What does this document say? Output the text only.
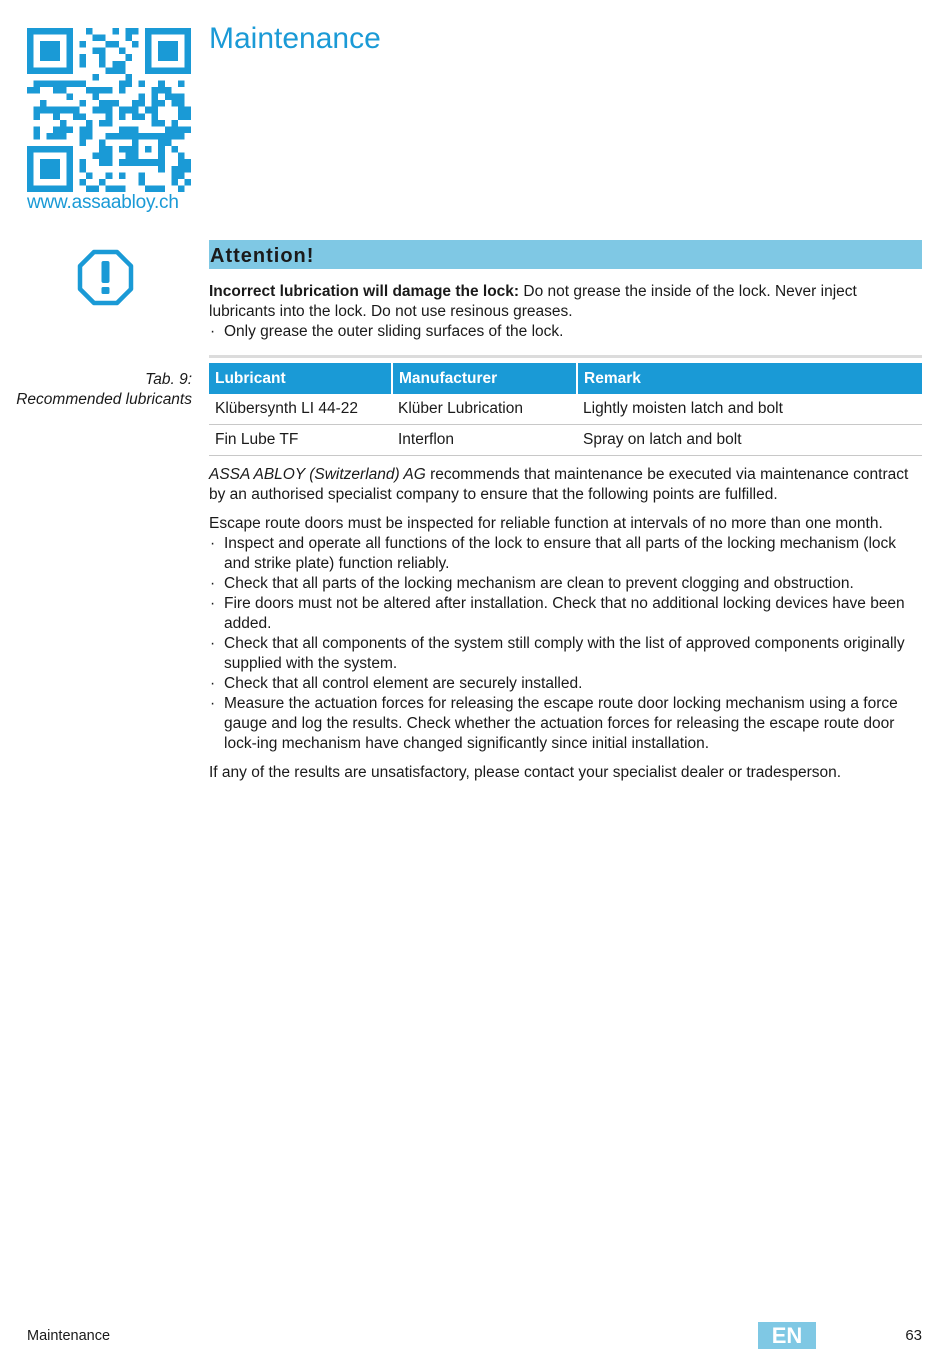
www.assaabloy.ch
Maintenance
Attention!

Incorrect lubrication will damage the lock: Do not grease the inside of the lock. Never inject lubricants into the lock. Do not use resinous greases.

· Only grease the outer sliding surfaces of the lock.
Tab. 9:
Recommended lubricants
Lubricant	Manufacturer	Remark
Klübersynth LI 44-22	Klüber Lubrication	Lightly moisten latch and bolt
Fin Lube TF	Interflon	Spray on latch and bolt

ASSA ABLOY (Switzerland) AG recommends that maintenance be executed via maintenance contract by an authorised specialist company to ensure that the following points are fulfilled.

Escape route doors must be inspected for reliable function at intervals of no more than one month.

· Inspect and operate all functions of the lock to ensure that all parts of the locking mechanism (lock and strike plate) function reliably.
· Check that all parts of the locking mechanism are clean to prevent clogging and obstruction.
· Fire doors must not be altered after installation. Check that no additional locking devices have been added.
· Check that all components of the system still comply with the list of approved components originally supplied with the system.
· Check that all control element are securely installed.
· Measure the actuation forces for releasing the escape route door locking mechanism using a force gauge and log the results. Check whether the actuation forces for releasing the escape route door lock-ing mechanism have changed significantly since initial installation.

If any of the results are unsatisfactory, please contact your specialist dealer or tradesperson.

Maintenance	EN	63
